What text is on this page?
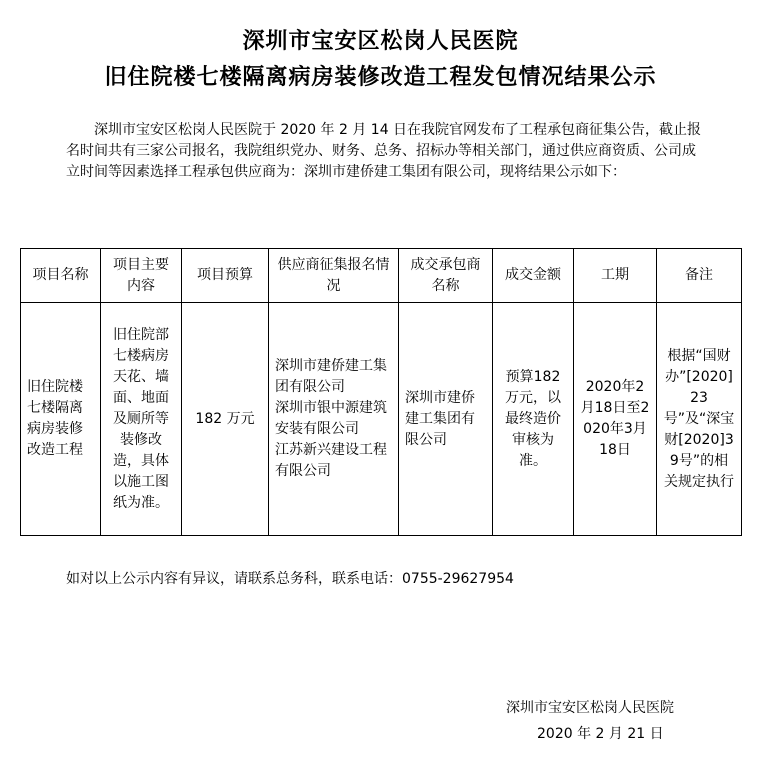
深圳市宝安区松岗人民医院
旧住院楼七楼隔离病房装修改造工程发包情况结果公示

深圳市宝安区松岗人民医院于 2020 年 2 月 14 日在我院官网发布了工程承包商征集公告，截止报名时间共有三家公司报名，我院组织党办、财务、总务、招标办等相关部门，通过供应商资质、公司成立时间等因素选择工程承包供应商为：深圳市建侨建工集团有限公司，现将结果公示如下：

项目名称	项目主要内容	项目预算	供应商征集报名情况	成交承包商名称	成交金额	工期	备注
旧住院楼七楼隔离病房装修改造工程	旧住院部七楼病房天花、墙面、地面及厕所等装修改造，具体以施工图纸为准。	182 万元	深圳市建侨建工集团有限公司
深圳市银中源建筑安装有限公司
江苏新兴建设工程有限公司	深圳市建侨建工集团有限公司	预算182万元，以最终造价审核为准。	2020年2月18日至2020年3月18日	根据“国财办”[2020]23号”及“深宝财[2020]39号”的相关规定执行
如对以上公示内容有异议，请联系总务科，联系电话：0755-29627954
深圳市宝安区松岗人民医院
2020 年 2 月 21 日
